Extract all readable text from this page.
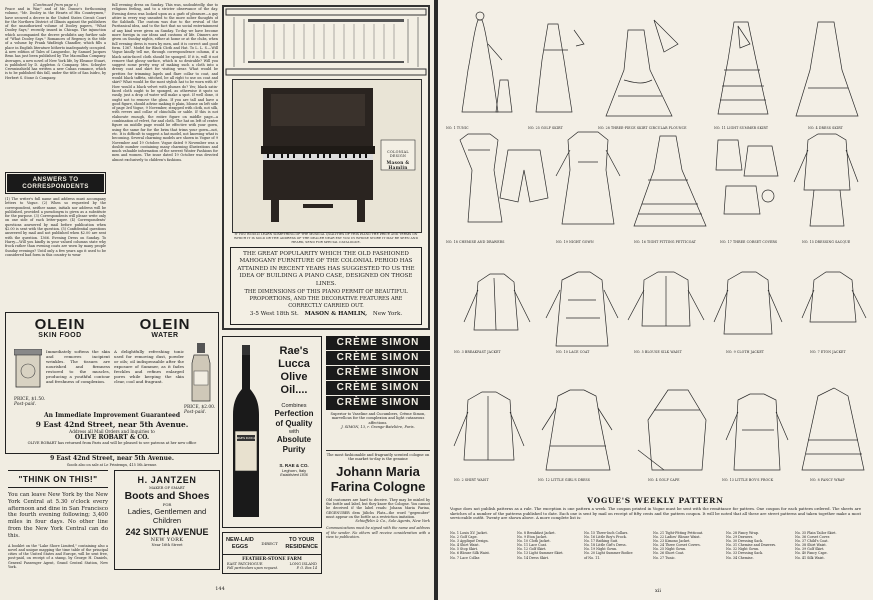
(Continued from page v.)
Peace and in War," and of Mr. Dunne's forthcoming volume, "Mr. Dooley in the Hearts of His Countrymen," have secured a decree in the United States Circuit Court for the Northern District of Illinois against the publishers of the unauthorized volume of Dooley papers, "What Dooley Says," recently issued in Chicago. The injunction which accompanied the decree prohibits any further sale of "What Dooley Says." Romances of Regency is the title of a volume by Frank Wadleigh Chandler, which fills a place in English literature hitherto inadequately occupied. A new edition of Tales of Languedoc, by Samuel Jacques Brun has just been published by The Macmillan Company. Averages, a new novel of New York life, by Eleanor Stuart, is published by D. Appleton & Company. Mrs. Schuyler Crowninshield has written a new Cuban romance, which is to be published this fall, under the title of San Isidro, by Herbert S. Stone & Company.
ANSWERS TO CORRESPONDENTS
(1) The writer's full name and address must accompany letters to Vogue. (2) When so requested by the correspondent, neither name, initials nor address will be published, provided a pseudonym is given as a substitute for the purpose. (3) Correspondents will please write only on one side of each letter-paper. (4) Correspondents' questions answered by mail before publication when $2.00 is sent with the question. (5) Confidential questions answered by mail and not published when $2.00 are sent with the question. 1366. Evening Dress on Sunday. To Harry.—Will you kindly in your valued columns state why frock rather than evening coats are worn by many people Sunday evenings? Until only a few years ago it used to be considered bad form in this country to wear
full evening dress on Sunday. This was, undoubtedly, due to religious feeling, and to a stricter observance of the day. Evening dress was looked upon as a garb of pleasure—a gay attire in every way unsuited to the more sober thoughts of the Sabbath. The custom was due to the revival of the Puritanical idea, and to the fact that no social entertainment of any kind were given on Sunday. To-day we have become more foreign in our ideas and customs of life. Dinners are given on Sunday nights, either at home or at the clubs, when full evening dress is worn by men, and it is correct and good form. 1367. Model for Black Cloth and Hat. To L. L. S.—Will Vogue kindly tell me, through correspondence column, if a black satin-faced cloth should be sponged. If it is, will it not remove that glossy surface, which is so desirable? Will you suggest some pretty way of making such a cloth into a dressy coat and skirt for visiting wear. What would be pretties for trimming lapels and flare collar to coat, and would black taffeta, stitched, be all right to use on coat and skirt? What would be the most stylish hat to be worn with it? How would a black velvet with plumes do? Yes; black satin-faced cloth ought to be sponged, as otherwise it spots so easily, just a drop of water will make a spot. If well done, it ought not to remove the gloss. If you are tall and have a good figure, should advise making it plain, blouse on left side of page 3rd Vogue, 9 November, strapped with cloth, not silk, with revers and collar of chinchilla or sable. If this is not elaborate enough, the entire figure on middle page—a combination of velvet, fur and cloth. The hat on left of centre figure on middle page would be effective with your gown, using the same fur for the brim that trims your gown—not, etc. It is difficult to suggest a hat model, not knowing what is becoming. Several charming models are shown in Vogue of 9 November and 19 October. Vogue dated 9 November was a double number containing many charming illustrations and much valuable information of the newest Winter Fashions for men and women. The issue dated 19 October was devoted almost exclusively to children's fashions.
COLONIAL DESIGN
Mason & Hamlin
IT YOU WOULD LEARN SOMETHING OF THE MUSICAL QUALITIES OF THIS PIANO THE PRICE AND TERMS ON WHICH IT IS SOLD OR THE ADDRESS OF THE DEALER NEAR EST YOU IN WHOSE STORE IT MAY BE SEEN AND HEARD, SEND FOR SPECIAL CATALOGUE.
THE GREAT POPULARITY WHICH THE OLD FASHIONED MAHOGANY FURNITURE OF THE COLONIAL PERIOD HAS ATTAINED IN RECENT YEARS HAS SUGGESTED TO US THE IDEA OF BUILDING A PIANO CASE, DESIGNED ON THOSE LINES.
THE DIMENSIONS OF THIS PIANO PERMIT OF BEAUTIFUL PROPORTIONS, AND THE DECORATIVE FEATURES ARE CORRECTLY CARRIED OUT.
3-5 West 18th St. MASON & HAMLIN, New York.
OLEIN
SKIN FOOD
OLEIN
WATER
Immediately softens the skin and removes incipient wrinkles. The tissues are nourished and firmness restored to the muscles, producing a youthful contour and freshness of complexion.
A delightfully refreshing tonic used for removing dust, powder or oils; oil indispensable after the exposure of Summer, as it fades freckles and refines enlarged pores while keeping the skin clear, cool and fragrant.
PRICE, $1.50.
Post-paid.
PRICE, $2.00.
Post-paid.
An Immediate Improvement Guaranteed
9 East 42nd Street, near 5th Avenue.
Address all Mail Orders and Inquiries to
OLIVE ROBART & CO.
OLIVE ROBART has returned from Paris and will be pleased to see patrons at her new office
9 East 42nd Street, near 5th Avenue.
Goods also on sale at Le Printemps, 415 5th Avenue.
"THINK ON THIS!"
You can leave New York by the New York Central at 5.30 o'clock every afternoon and dine in San Francisco the fourth evening following; 3,400 miles in four days. No other line from the New York Central can do this.
A booklet on the "Lake Shore Limited," containing also a novel and unique mapping the time table of the principal cities of the United States and Europe, will be sent free, post-paid, on receipt of a stamp, by George H. Daniels, General Passenger Agent, Grand Central Station, New York.
H. JANTZEN
MAKER OF SMART
Boots and Shoes
FOR
Ladies, Gentlemen and Children
242 SIXTH AVENUE
NEW YORK
Near 16th Street
RAE'S LUCCA
Rae's
Lucca
Olive
Oil....
Combines
Perfection
of Quality
with
Absolute
Purity
S. RAE & CO.
Leghorn, Italy
Established 1836
CRÈME SIMON
CRÈME SIMON
CRÈME SIMON
CRÈME SIMON
CRÈME SIMON
Superior to Vaseline and Cucumbers, Crème Simon, marvellous for the complexion and light cutaneous affections.
J. SIMON, 13, r. Grange-Batelière, Paris.
The most fashionable and fragrantly scented cologne on the market to-day is the genuine
Johann Maria
Farina Cologne
Old customers are hard to deceive. They may be misled by the bottle and label, but they know the Cologne. You cannot be deceived if the label reads: Johann Maria Farina, GEGENUBER dem Jülichs Platz—the word "gegenuber" must appear on the bottle as a restriction imitation.
Schieffelin & Co., Sole Agents, New York
Communications must be signed with the name and address of the sender. No others will receive consideration with a view to publication.
NEW-LAID
EGGS	DIRECT
TO YOUR
RESIDENCE
FEATHER-STONE FARM
EAST PATCHOGUE	LONG ISLAND
Fall particulars upon request.	P. O. Box 14
144
NO. 1 TUNIC	NO. 25 GOLF SKIRT	NO. 28 THREE-PIECE SKIRT CIRCULAR FLOUNCE	NO. 11 LIGHT SUMMER SKIRT	NO. 4 DRESS SKIRT
NO. 18 CHEMISE AND DRAWERS	NO. 19 NIGHT GOWN	NO. 16 TIGHT FITTING PETTICOAT	NO. 17 THREE CORSET COVERS	NO. 15 DRESSING SACQUE
NO. 3 BREAKFAST JACKET	NO. 10 LACE COAT	NO. 5 BLOUSE SILK WAIST	NO. 9 CLOTH JACKET	NO. 7 ETON JACKET
NO. 2 SHIRT WAIST	NO. 12 LITTLE GIRL'S DRESS	NO. 4 GOLF CAPE	NO. 13 LITTLE BOY'S FROCK	NO. 8 FANCY WRAP
VOGUE'S WEEKLY PATTERN
Vogue does not publish patterns as a rule. The exception is one pattern a week. The coupon printed in Vogue must be sent with the remittance for pattern. One coupon for each pattern ordered. The sheets are sketches of a number of the patterns published to date. Each one is sent by mail on receipt of fifty cents and the pattern coupon. It will be noted that all these are street patterns and taken together make a most serviceable outfit. Twenty are shown above. A more complete list is:
No. 1 Louis XV. Jacket.
No. 2 Golf Cape.
No. 3 Appliqué Design.
No. 4 Shirt Waist.
No. 5 Stop Skirt.
No. 6 Blouse Silk Waist.
No. 7 Lace Collar.
No. 8 Breakfast Jacket.
No. 9 Eton Jacket.
No. 10 Cloth Jacket.
No. 11 Lace Coat.
No. 12 Golf Skirt.
No. 13 Light Summer Skirt.
No. 14 Dress Skirt.
No. 15 Three-Inch Collars.
No. 16 Little Boy's Frock.
No. 17 Bathing Suit.
No. 18 Little Girl's Dress.
No. 19 Night Gown.
No. 20 Light Summer Bodice
of No. 11.
No. 21 Tight-Fitting Petticoat.
No. 22 Ladies' Blouse Waist.
No. 23 Kimono Jacket.
No. 24 Three Corset Covers.
No. 25 Night Gown.
No. 26 Short Coat.
No. 27 Tunic.
No. 28 Fancy Wrap.
No. 29 Drawers.
No. 30 Dressing Sack.
No. 31 Chemise and Drawers.
No. 32 Night Gown.
No. 33 Dressing Sack.
No. 34 Chemise.
No. 35 Plain Tailor Skirt.
No. 36 Corset Cover.
No. 37 Child's Coat.
No. 38 Shirt Waist.
No. 39 Golf Skirt.
No. 40 Fancy Cape.
No. 41 Silk Waist.
xii
